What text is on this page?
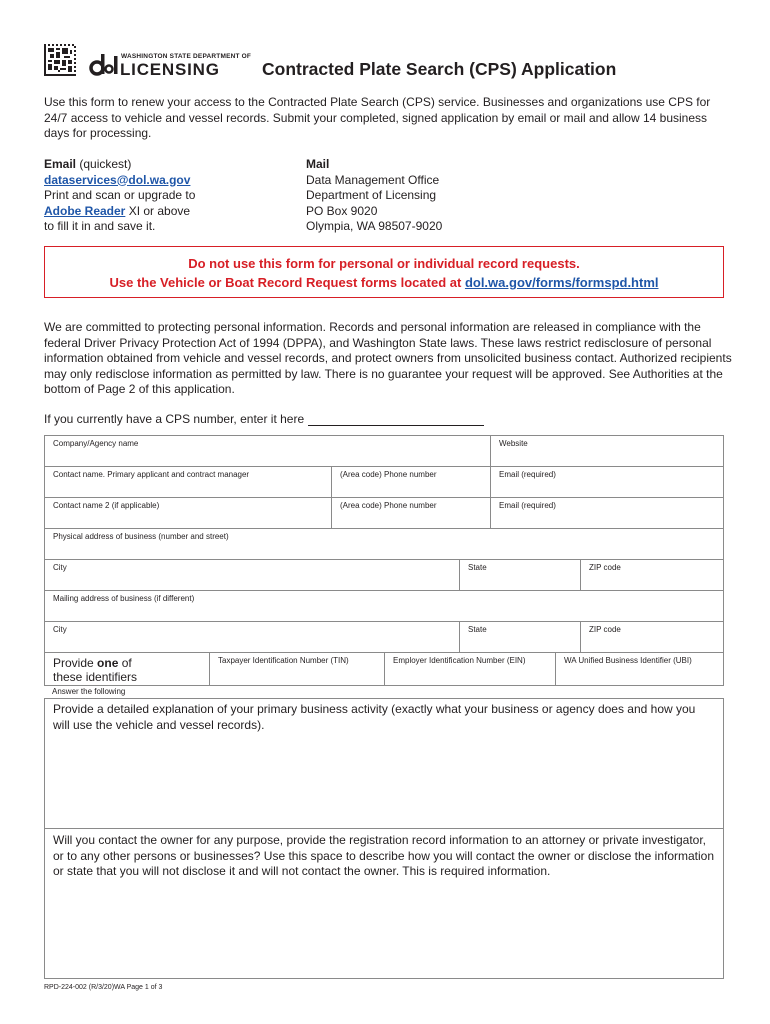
WASHINGTON STATE DEPARTMENT OF
LICENSING Contracted Plate Search (CPS) Application
Use this form to renew your access to the Contracted Plate Search (CPS) service. Businesses and organizations use CPS for 24/7 access to vehicle and vessel records. Submit your completed, signed application by email or mail and allow 14 business days for processing.
Email (quickest)
dataservices@dol.wa.gov
Print and scan or upgrade to
Adobe Reader XI or above
to fill it in and save it.
Mail
Data Management Office
Department of Licensing
PO Box 9020
Olympia, WA 98507-9020
Do not use this form for personal or individual record requests.
Use the Vehicle or Boat Record Request forms located at dol.wa.gov/forms/formspd.html
We are committed to protecting personal information. Records and personal information are released in compliance with the federal Driver Privacy Protection Act of 1994 (DPPA), and Washington State laws. These laws restrict redisclosure of personal information obtained from vehicle and vessel records, and protect owners from unsolicited business contact. Authorized recipients may only redisclose information as permitted by law. There is no guarantee your request will be approved. See Authorities at the bottom of Page 2 of this application.
If you currently have a CPS number, enter it here
Company/Agency name	Website
Contact name. Primary applicant and contract manager	(Area code) Phone number	Email (required)
Contact name 2 (if applicable)	(Area code) Phone number	Email (required)
Physical address of business (number and street)
City	State	ZIP code
Mailing address of business (if different)
City	State	ZIP code
Provide one of
these identifiers
Taxpayer Identification Number (TIN)	Employer Identification Number (EIN)	WA Unified Business Identifier (UBI)
Answer the following
Provide a detailed explanation of your primary business activity (exactly what your business or agency does and how you will use the vehicle and vessel records).
Will you contact the owner for any purpose, provide the registration record information to an attorney or private investigator, or to any other persons or businesses? Use this space to describe how you will contact the owner or disclose the information or state that you will not disclose it and will not contact the owner. This is required information.
RPD-224-002 (R/3/20)WA Page 1 of 3
